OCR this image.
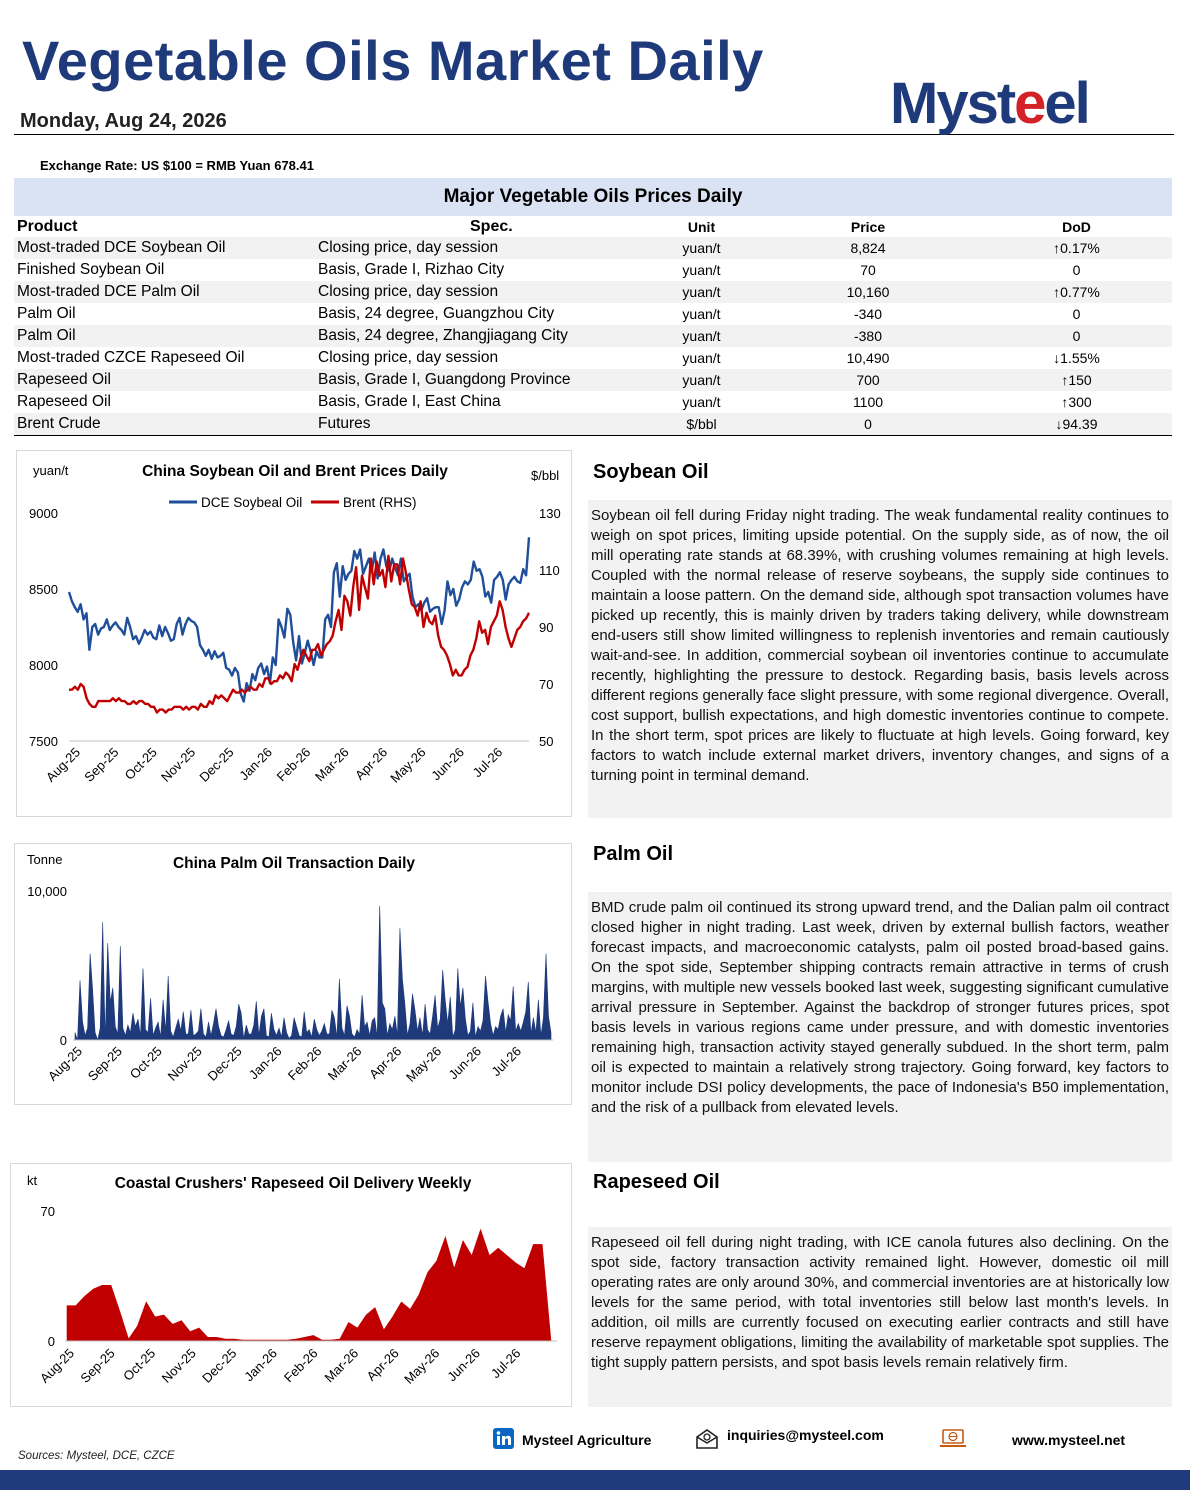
Vegetable Oils Market Daily
Monday, Aug 24, 2026	Mysteel
Exchange Rate: US $100 = RMB Yuan 678.41
Major Vegetable Oils Prices Daily
Product	Spec.	Unit	Price	DoD
Most-traded DCE Soybean Oil	Closing price, day session	yuan/t	8,824	↑0.17%
Finished Soybean Oil	Basis, Grade I, Rizhao City	yuan/t	70	0
Most-traded DCE Palm Oil	Closing price, day session	yuan/t	10,160	↑0.77%
Palm Oil	Basis, 24 degree, Guangzhou City	yuan/t	-340	0
Palm Oil	Basis, 24 degree, Zhangjiagang City	yuan/t	-380	0
Most-traded CZCE Rapeseed Oil	Closing price, day session	yuan/t	10,490	↓1.55%
Rapeseed Oil	Basis, Grade I, Guangdong Province	yuan/t	700	↑150
Rapeseed Oil	Basis, Grade I, East China	yuan/t	1100	↑300
Brent Crude	Futures	$/bbl	0	↓94.39
yuan/t	China Soybean Oil and Brent Prices Daily	$/bbl
DCE Soybeal Oil	Brent (RHS)
9000
8500
8000
7500
130
110
90
70
50
Aug-25
Sep-25 Oct-25
Nov-25
Dec-25 Jan-26
Feb-26
Mar-26 Apr-26
May-26 Jun-26 Jul-26
Tonne	China Palm Oil Transaction Daily
10,000
0
Aug-25 Sep-25 Oct-25 Nov-25 Dec-25 Jan-26 Feb-26 Mar-26 Apr-26
May-26 Jun-26 Jul-26
kt	Coastal Crushers' Rapeseed Oil Delivery Weekly
70
0
Aug-25 Sep-25 Oct-25 Nov-25 Dec-25 Jan-26 Feb-26 Mar-26 Apr-26 May-26 Jun-26 Jul-26
Soybean Oil
Soybean oil fell during Friday night trading. The weak fundamental reality continues to weigh on spot prices, limiting upside potential. On the supply side, as of now, the oil mill operating rate stands at 68.39%, with crushing volumes remaining at high levels. Coupled with the normal release of reserve soybeans, the supply side continues to maintain a loose pattern. On the demand side, although spot transaction volumes have picked up recently, this is mainly driven by traders taking delivery, while downstream end-users still show limited willingness to replenish inventories and remain cautiously wait-and-see. In addition, commercial soybean oil inventories continue to accumulate recently, highlighting the pressure to destock. Regarding basis, basis levels across different regions generally face slight pressure, with some regional divergence. Overall, cost support, bullish expectations, and high domestic inventories continue to compete. In the short term, spot prices are likely to fluctuate at high levels. Going forward, key factors to watch include external market drivers, inventory changes, and signs of a turning point in terminal demand.
Palm Oil
BMD crude palm oil continued its strong upward trend, and the Dalian palm oil contract closed higher in night trading. Last week, driven by external bullish factors, weather forecast impacts, and macroeconomic catalysts, palm oil posted broad-based gains. On the spot side, September shipping contracts remain attractive in terms of crush margins, with multiple new vessels booked last week, suggesting significant cumulative arrival pressure in September. Against the backdrop of stronger futures prices, spot basis levels in various regions came under pressure, and with domestic inventories remaining high, transaction activity stayed generally subdued. In the short term, palm oil is expected to maintain a relatively strong trajectory. Going forward, key factors to monitor include DSI policy developments, the pace of Indonesia's B50 implementation, and the risk of a pullback from elevated levels.
Rapeseed Oil
Rapeseed oil fell during night trading, with ICE canola futures also declining. On the spot side, factory transaction activity remained light. However, domestic oil mill operating rates are only around 30%, and commercial inventories are at historically low levels for the same period, with total inventories still below last month's levels. In addition, oil mills are currently focused on executing earlier contracts and still have reserve repayment obligations, limiting the availability of marketable spot supplies. The tight supply pattern persists, and spot basis levels remain relatively firm.
Sources: Mysteel, DCE, CZCE
Mysteel Agriculture	inquiries@mysteel.com	www.mysteel.net
